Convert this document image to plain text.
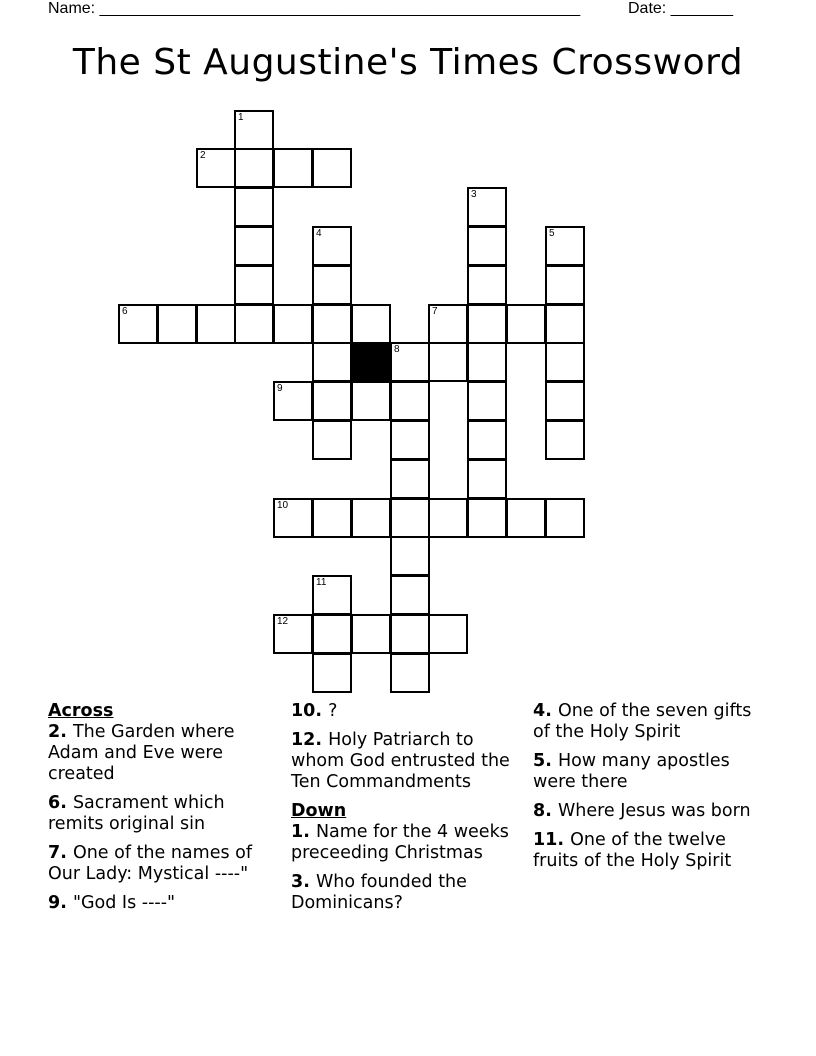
Name: ______________________________________________________	Date: _______
The St Augustine's Times Crossword
1
2
3
4	5
6	7
8
9
10
11
12
Across
2. The Garden where Adam and Eve were created
6. Sacrament which remits original sin
7. One of the names of Our Lady: Mystical ----"
9. "God Is ----"
10. ?
12. Holy Patriarch to whom God entrusted the Ten Commandments
Down
1. Name for the 4 weeks preceeding Christmas
3. Who founded the Dominicans?
4. One of the seven gifts of the Holy Spirit
5. How many apostles were there
8. Where Jesus was born
11. One of the twelve fruits of the Holy Spirit
